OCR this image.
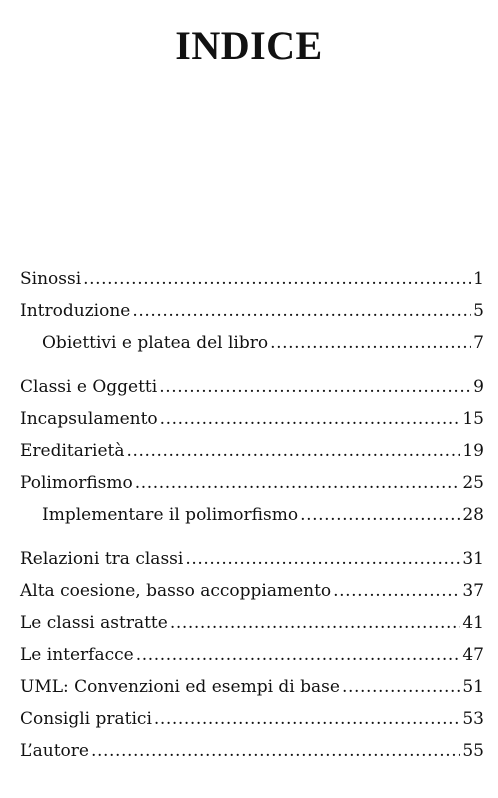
INDICE
Sinossi .....	1
Introduzione .....	5
Obiettivi e platea del libro .....	7
Classi e Oggetti .....	9
Incapsulamento .....	15
Ereditarietà .....	19
Polimorfismo .....	25
Implementare il polimorfismo .....	28
Relazioni tra classi .....	31
Alta coesione, basso accoppiamento .....	37
Le classi astratte .....	41
Le interfacce .....	47
UML: Convenzioni ed esempi di base .....	51
Consigli pratici .....	53
L’autore .....	55
